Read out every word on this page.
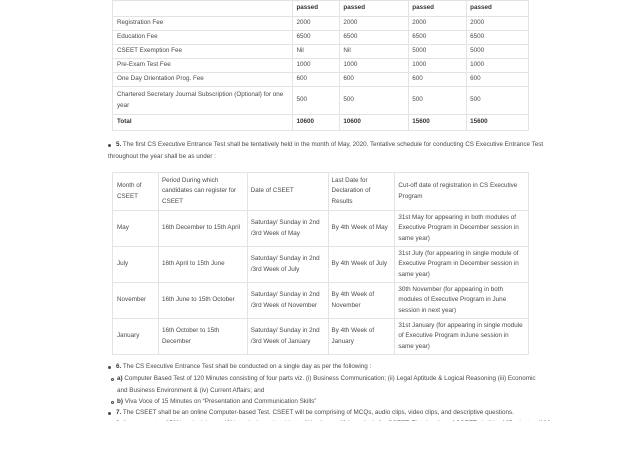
	passed	passed	passed	passed
Registration Fee	2000	2000	2000	2000
Education Fee	6500	6500	6500	6500
CSEET Exemption Fee	Nil	Nil	5000	5000
Pre-Exam Test Fee	1000	1000	1000	1000
One Day Orientation Prog. Fee	600	600	600	600
Chartered Secretary Journal Subscription (Optional) for one year	500	500	500	500
Total	10600	10600	15600	15600
5. The first CS Executive Entrance Test shall be tentatively held in the month of May, 2020. Tentative schedule for conducting CS Executive Entrance Test
throughout the year shall be as under :
Month of CSEET	Period During which candidates can register for CSEET	Date of CSEET	Last Date for Declaration of Results	Cut-off date of registration in CS Executive Program
May	16th December to 15th April	Saturday/ Sunday in 2nd /3rd Week of May	By 4th Week of May	31st May for appearing in both modules of Executive Program in December session in same year)
July	16th April to 15th June	Saturday/ Sunday in 2nd /3rd Week of July	By 4th Week of July	31st July (for appearing in single module of Executive Program in December session in same year)
November	16th June to 15th October	Saturday/ Sunday in 2nd /3rd Week of November	By 4th Week of November	30th November (for appearing in both modules of Executive Program in June session in next year)
January	16th October to 15th December	Saturday/ Sunday in 2nd /3rd Week of January	By 4th Week of January	31st January (for appearing in single module of Executive Program inJune session in same year)
6. The CS Executive Entrance Test shall be conducted on a single day as per the following :
a) Computer Based Test of 120 Minutes consisting of four parts viz. (i) Business Communication; (ii) Legal Aptitude & Logical Reasoning (iii) Economic
and Business Environment & (iv) Current Affairs; and
b) Viva Voce of 15 Minutes on “Presentation and Communication Skills”
7. The CSEET shall be an online Computer-based Test. CSEET will be comprising of MCQs, audio clips, video clips, and descriptive questions.
